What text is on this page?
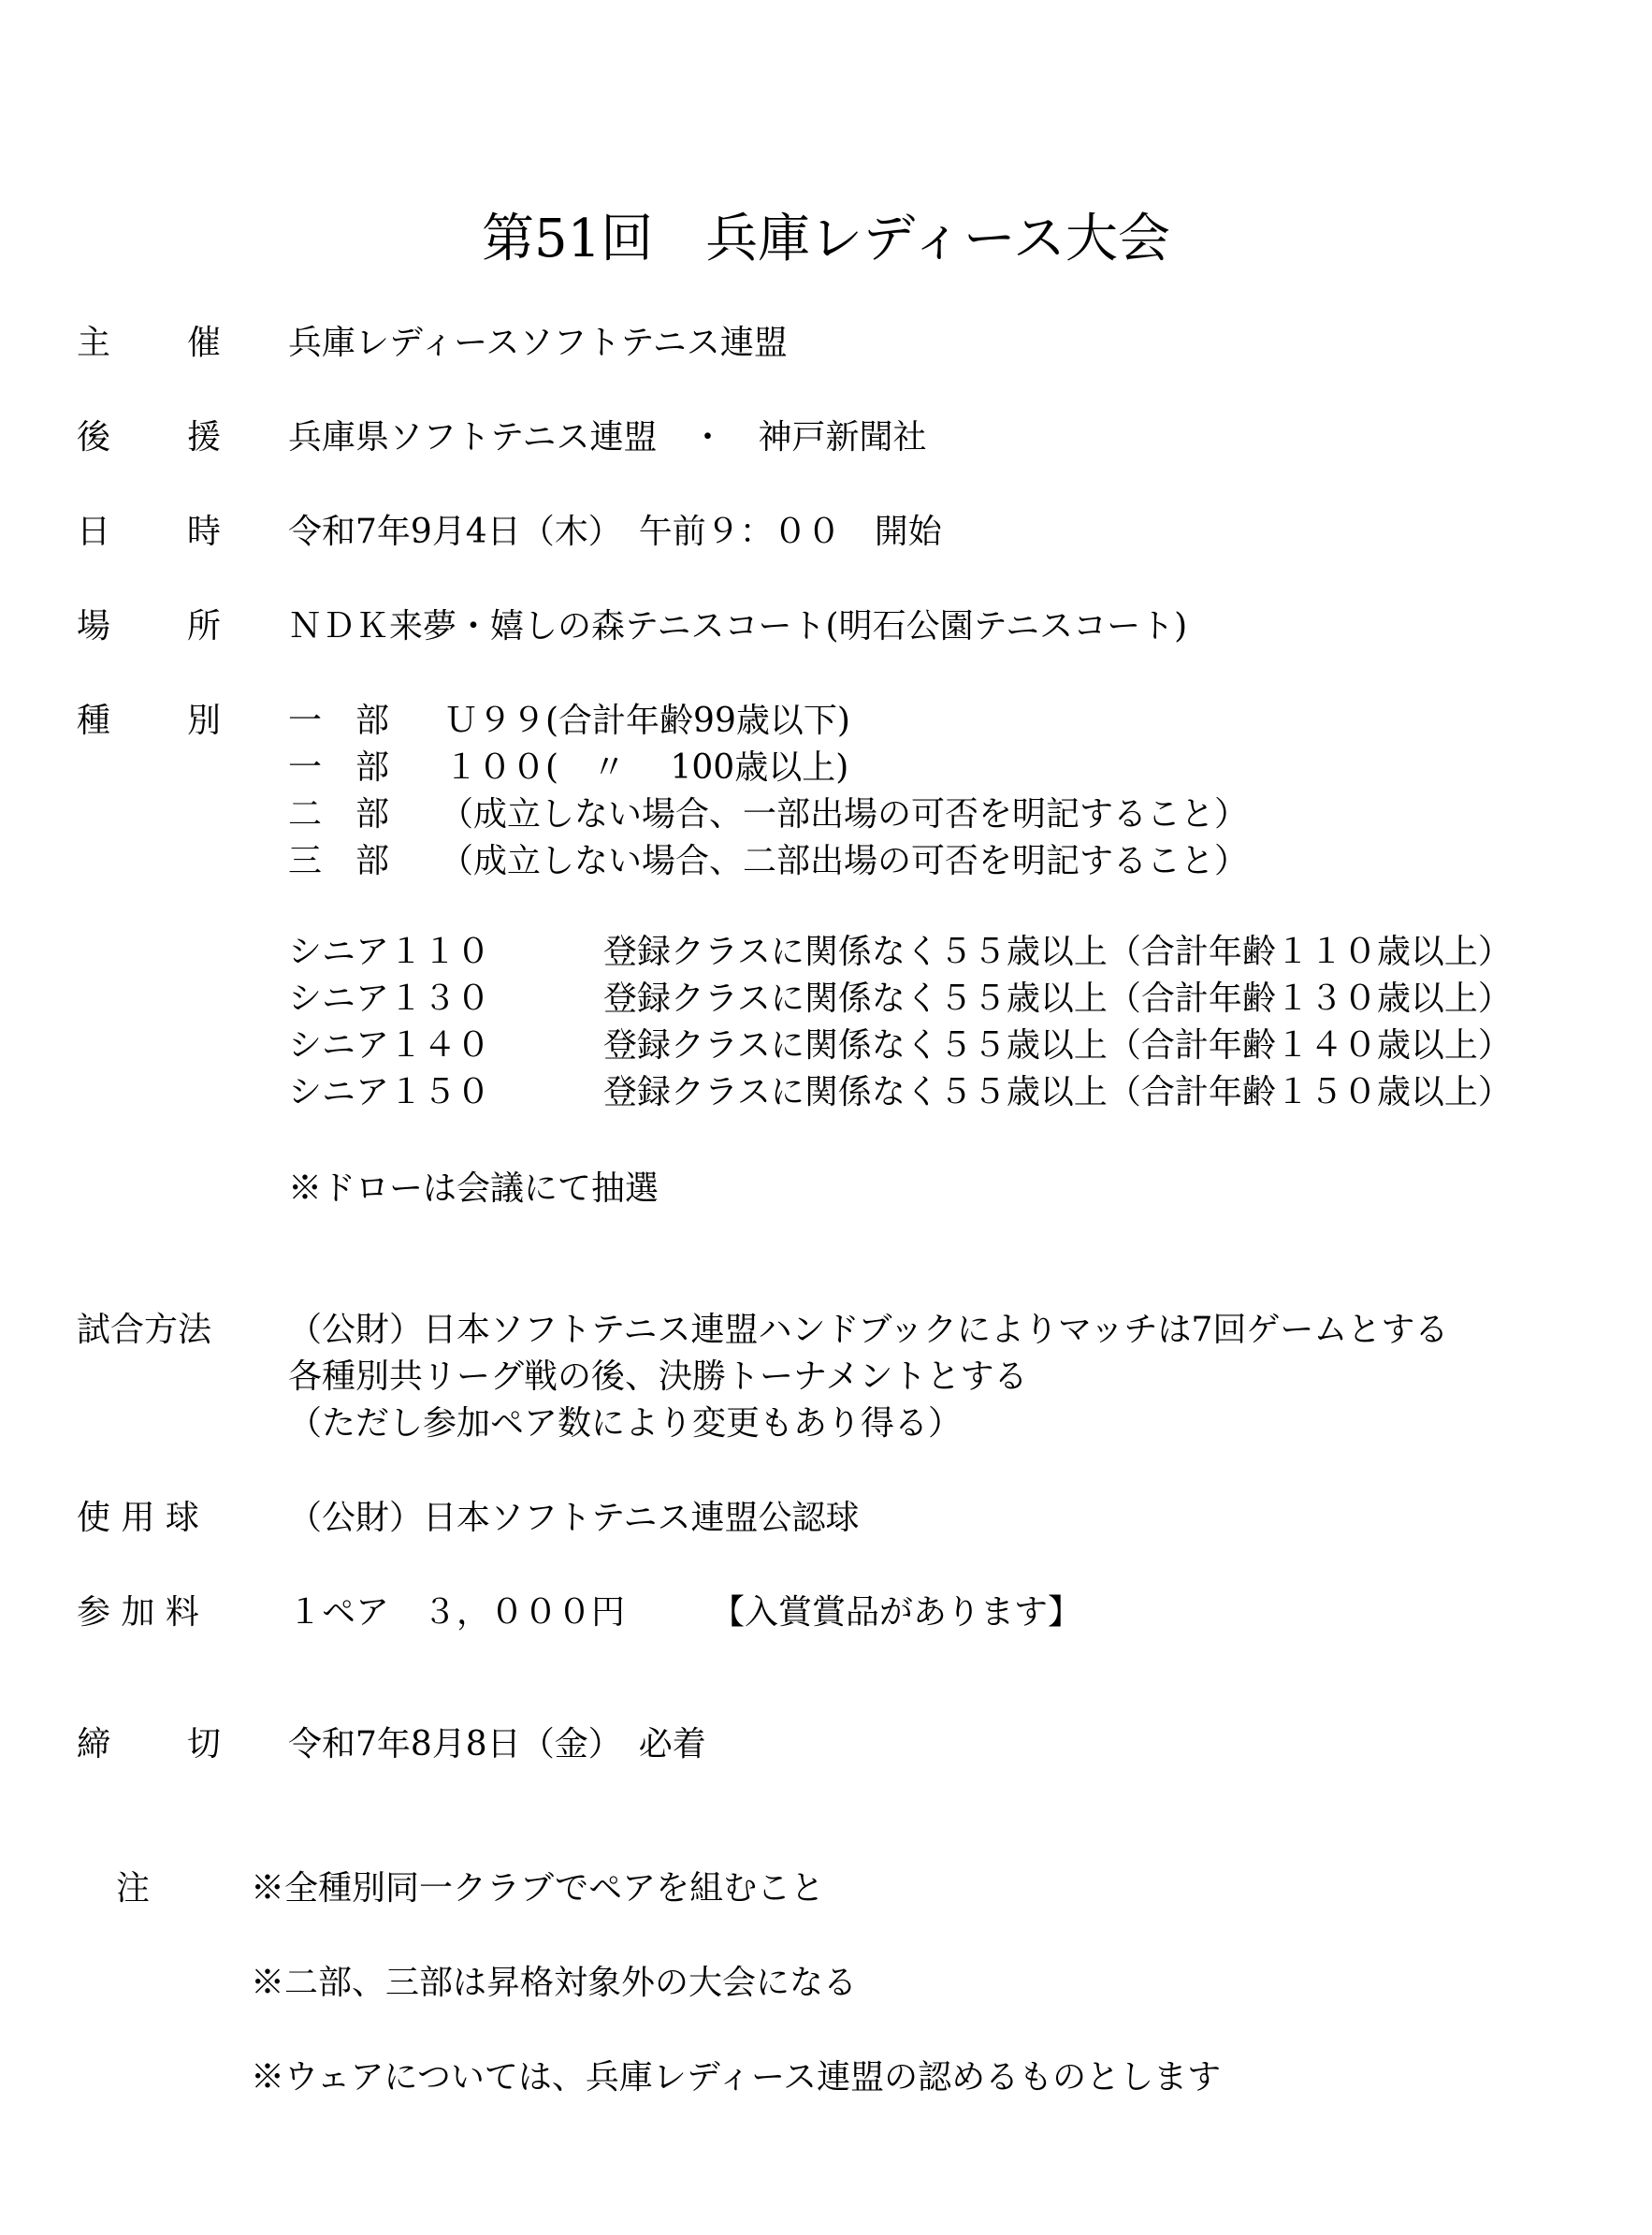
第51回　兵庫レディース大会
主 催 兵庫レディースソフトテニス連盟
後 援 兵庫県ソフトテニス連盟　・　神戸新聞社
日 時 令和7年9月4日（木）　午前９：００　開始
場 所 ＮＤＫ来夢・嬉しの森テニスコート(明石公園テニスコート)
種 別 一　部 Ｕ９９(合計年齢99歳以下)
一　部 １００(　〃　 100歳以上)
二　部 （成立しない場合、一部出場の可否を明記すること）
三　部 （成立しない場合、二部出場の可否を明記すること）
シニア１１０	登録クラスに関係なく５５歳以上（合計年齢１１０歳以上）
シニア１３０	登録クラスに関係なく５５歳以上（合計年齢１３０歳以上）
シニア１４０	登録クラスに関係なく５５歳以上（合計年齢１４０歳以上）
シニア１５０	登録クラスに関係なく５５歳以上（合計年齢１５０歳以上）
※ドローは会議にて抽選
試合方法 （公財）日本ソフトテニス連盟ハンドブックによりマッチは7回ゲームとする
各種別共リーグ戦の後、決勝トーナメントとする
（ただし参加ペア数により変更もあり得る）
使 用 球	（公財）日本ソフトテニス連盟公認球
参 加 料	１ペア　３，０００円	【入賞賞品があります】
締 切 令和7年8月8日（金）　必着
注	※全種別同一クラブでペアを組むこと
※二部、三部は昇格対象外の大会になる
※ウェアについては、兵庫レディース連盟の認めるものとします
